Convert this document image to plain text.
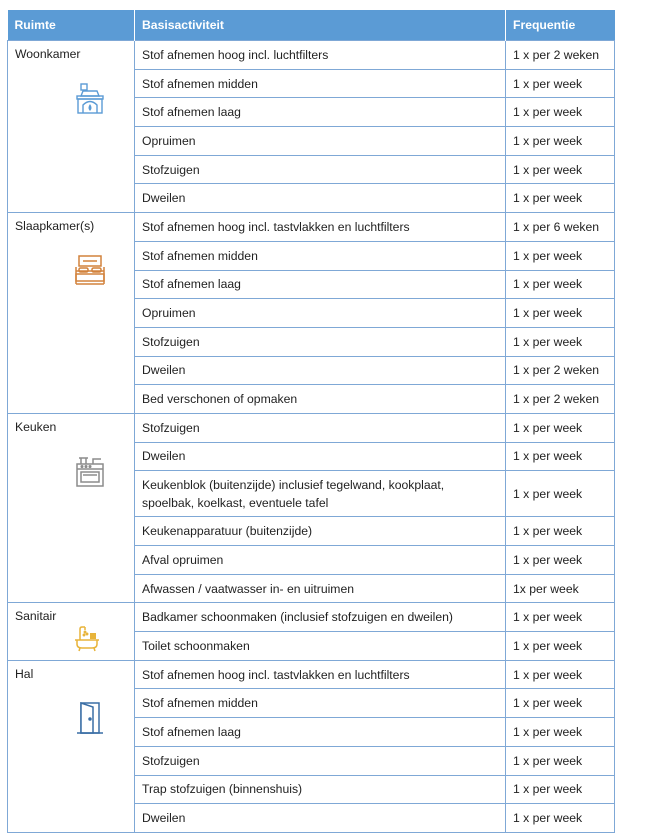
Ruimte	Basisactiviteit	Frequentie

Woonkamer	Stof afnemen hoog incl. luchtfilters	1 x per 2 weken
	Stof afnemen midden	1 x per week
	Stof afnemen laag	1 x per week
	Opruimen	1 x per week
	Stofzuigen	1 x per week
	Dweilen	1 x per week

Slaapkamer(s)	Stof afnemen hoog incl. tastvlakken en luchtfilters	1 x per 6 weken
	Stof afnemen midden	1 x per week
	Stof afnemen laag	1 x per week
	Opruimen	1 x per week
	Stofzuigen	1 x per week
	Dweilen	1 x per 2 weken
	Bed verschonen of opmaken	1 x per 2 weken

Keuken	Stofzuigen	1 x per week
	Dweilen	1 x per week
	Keukenblok (buitenzijde) inclusief tegelwand, kookplaat, spoelbak, koelkast, eventuele tafel	1 x per week
	Keukenapparatuur (buitenzijde)	1 x per week
	Afval opruimen	1 x per week
	Afwassen / vaatwasser in- en uitruimen	1x per week

Sanitair	Badkamer schoonmaken (inclusief stofzuigen en dweilen)	1 x per week
	Toilet schoonmaken	1 x per week

Hal	Stof afnemen hoog incl. tastvlakken en luchtfilters	1 x per week
	Stof afnemen midden	1 x per week
	Stof afnemen laag	1 x per week
	Stofzuigen	1 x per week
	Trap stofzuigen (binnenshuis)	1 x per week
	Dweilen	1 x per week
